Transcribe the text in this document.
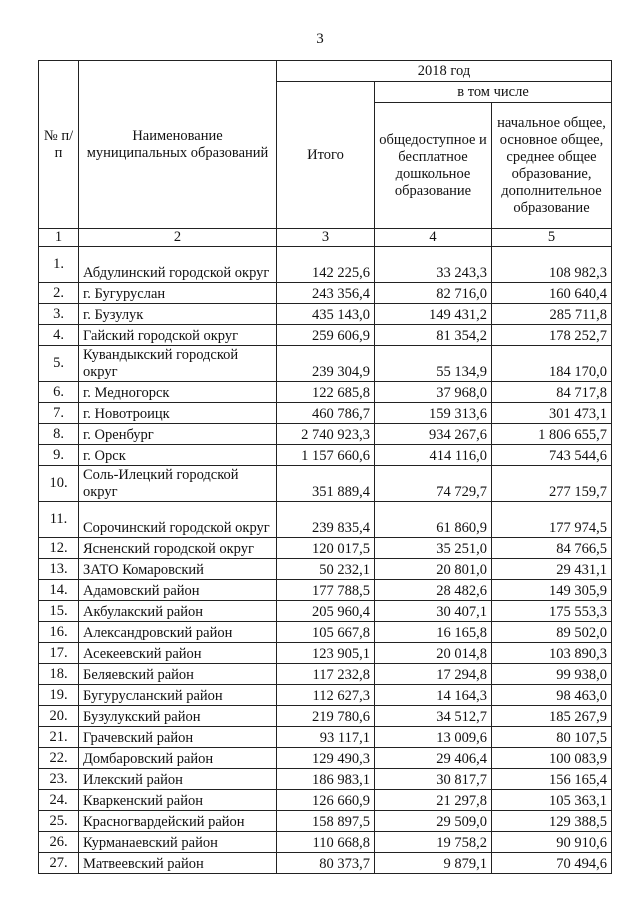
3
№ п/п	Наименование муниципальных образований	2018 год		
		Итого	в том числе	
			общедоступное и бесплатное дошкольное образование	начальное общее, основное общее, среднее общее образование, дополнительное образование
1	2	3	4	5
1.	Абдулинский городской округ	142 225,6	33 243,3	108 982,3
2.	г. Бугуруслан	243 356,4	82 716,0	160 640,4
3.	г. Бузулук	435 143,0	149 431,2	285 711,8
4.	Гайский городской округ	259 606,9	81 354,2	178 252,7
5.	Кувандыкский городской округ	239 304,9	55 134,9	184 170,0
6.	г. Медногорск	122 685,8	37 968,0	84 717,8
7.	г. Новотроицк	460 786,7	159 313,6	301 473,1
8.	г. Оренбург	2 740 923,3	934 267,6	1 806 655,7
9.	г. Орск	1 157 660,6	414 116,0	743 544,6
10.	Соль-Илецкий городской округ	351 889,4	74 729,7	277 159,7
11.	Сорочинский городской округ	239 835,4	61 860,9	177 974,5
12.	Ясненский городской округ	120 017,5	35 251,0	84 766,5
13.	ЗАТО Комаровский	50 232,1	20 801,0	29 431,1
14.	Адамовский район	177 788,5	28 482,6	149 305,9
15.	Акбулакский район	205 960,4	30 407,1	175 553,3
16.	Александровский район	105 667,8	16 165,8	89 502,0
17.	Асекеевский район	123 905,1	20 014,8	103 890,3
18.	Беляевский район	117 232,8	17 294,8	99 938,0
19.	Бугурусланский район	112 627,3	14 164,3	98 463,0
20.	Бузулукский район	219 780,6	34 512,7	185 267,9
21.	Грачевский район	93 117,1	13 009,6	80 107,5
22.	Домбаровский район	129 490,3	29 406,4	100 083,9
23.	Илекский район	186 983,1	30 817,7	156 165,4
24.	Кваркенский район	126 660,9	21 297,8	105 363,1
25.	Красногвардейский район	158 897,5	29 509,0	129 388,5
26.	Курманаевский район	110 668,8	19 758,2	90 910,6
27.	Матвеевский район	80 373,7	9 879,1	70 494,6
